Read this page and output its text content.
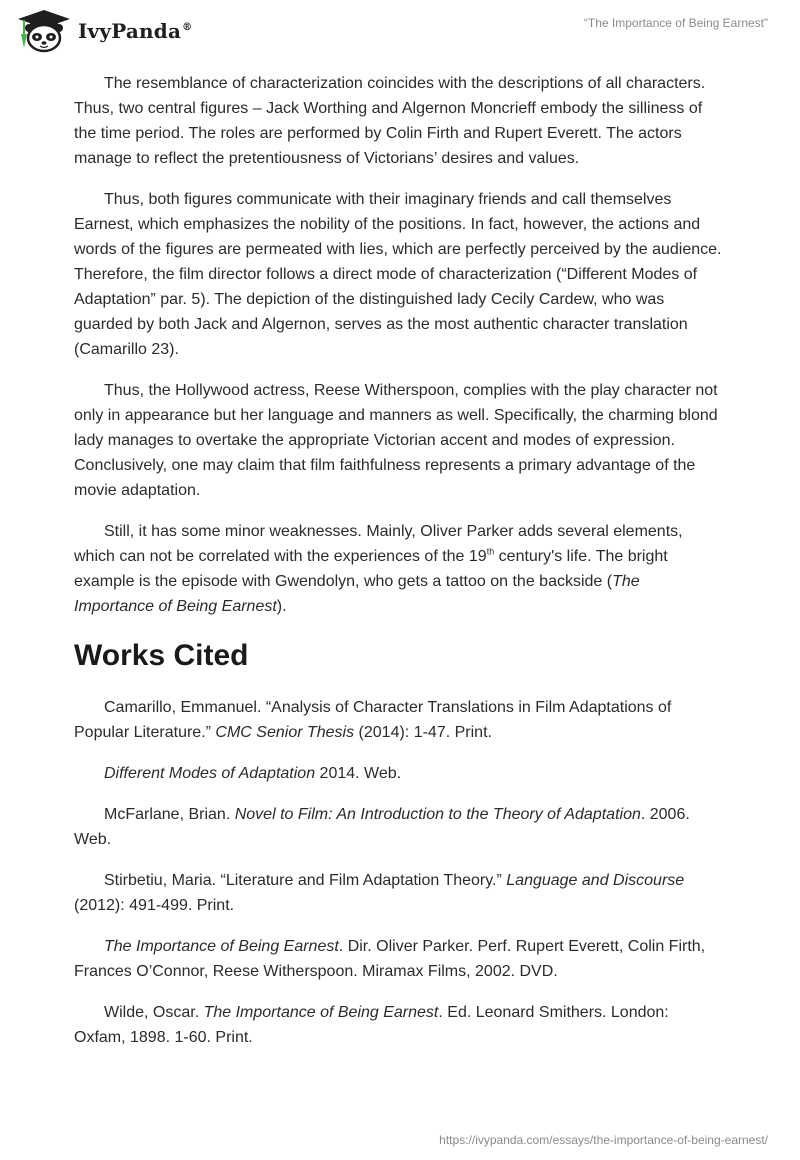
IvyPanda®	“The Importance of Being Earnest”

The resemblance of characterization coincides with the descriptions of all characters. Thus, two central figures – Jack Worthing and Algernon Moncrieff embody the silliness of the time period. The roles are performed by Colin Firth and Rupert Everett. The actors manage to reflect the pretentiousness of Victorians’ desires and values.

Thus, both figures communicate with their imaginary friends and call themselves Earnest, which emphasizes the nobility of the positions. In fact, however, the actions and words of the figures are permeated with lies, which are perfectly perceived by the audience. Therefore, the film director follows a direct mode of characterization (“Different Modes of Adaptation” par. 5). The depiction of the distinguished lady Cecily Cardew, who was guarded by both Jack and Algernon, serves as the most authentic character translation (Camarillo 23).

Thus, the Hollywood actress, Reese Witherspoon, complies with the play character not only in appearance but her language and manners as well. Specifically, the charming blond lady manages to overtake the appropriate Victorian accent and modes of expression. Conclusively, one may claim that film faithfulness represents a primary advantage of the movie adaptation.

Still, it has some minor weaknesses. Mainly, Oliver Parker adds several elements, which can not be correlated with the experiences of the 19th century's life. The bright example is the episode with Gwendolyn, who gets a tattoo on the backside (The Importance of Being Earnest).

Works Cited

Camarillo, Emmanuel. “Analysis of Character Translations in Film Adaptations of Popular Literature.” CMC Senior Thesis (2014): 1-47. Print.

Different Modes of Adaptation 2014. Web.

McFarlane, Brian. Novel to Film: An Introduction to the Theory of Adaptation. 2006. Web.

Stirbetiu, Maria. “Literature and Film Adaptation Theory.” Language and Discourse (2012): 491-499. Print.

The Importance of Being Earnest. Dir. Oliver Parker. Perf. Rupert Everett, Colin Firth, Frances O’Connor, Reese Witherspoon. Miramax Films, 2002. DVD.

Wilde, Oscar. The Importance of Being Earnest. Ed. Leonard Smithers. London: Oxfam, 1898. 1-60. Print.

https://ivypanda.com/essays/the-importance-of-being-earnest/
